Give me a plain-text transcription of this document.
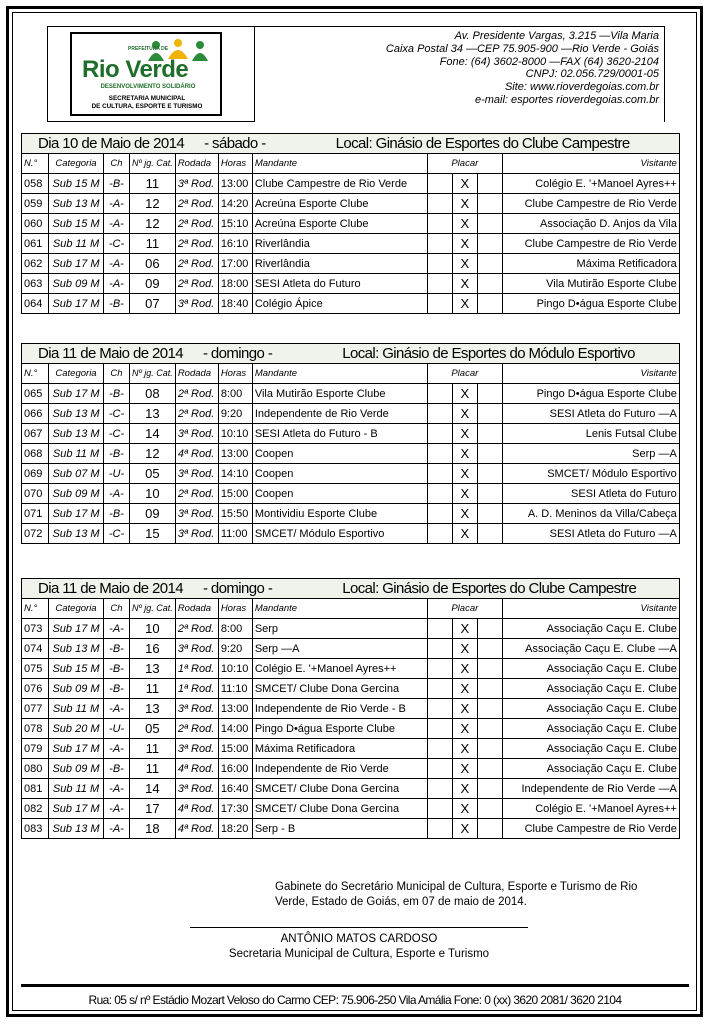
PREFEITURA DE
Rio Verde
DESENVOLVIMENTO SOLIDÁRIO
SECRETARIA MUNICIPAL
DE CULTURA, ESPORTE E TURISMO
Av. Presidente Vargas, 3.215 —Vila Maria
Caixa Postal 34 —CEP 75.905-900 —Rio Verde - Goiás
Fone: (64) 3602-8000 —FAX (64) 3620-2104
CNPJ: 02.056.729/0001-05
Site: www.rioverdegoias.com.br
e-mail: esportes rioverdegoias.com.br
Dia 10 de Maio de 2014 - sábado - Local: Ginásio de Esportes do Clube Campestre										
N.°	Categoria	Ch	Nº jg. Cat.	Rodada	Horas	Mandante	Placar			Visitante
058	Sub 15 M	-B-	11	3ª Rod.	13:00	Clube Campestre de Rio Verde		X		Colégio E. '+Manoel Ayres++
059	Sub 13 M	-A-	12	2ª Rod.	14:20	Acreúna Esporte Clube		X		Clube Campestre de Rio Verde
060	Sub 15 M	-A-	12	2ª Rod.	15:10	Acreúna Esporte Clube		X		Associação D. Anjos da Vila
061	Sub 11 M	-C-	11	2ª Rod.	16:10	Riverlândia		X		Clube Campestre de Rio Verde
062	Sub 17 M	-A-	06	2ª Rod.	17:00	Riverlândia		X		Máxima Retificadora
063	Sub 09 M	-A-	09	2ª Rod.	18:00	SESI Atleta do Futuro		X		Vila Mutirão Esporte Clube
064	Sub 17 M	-B-	07	3ª Rod.	18:40	Colégio Ápice		X		Pingo D•água Esporte Clube
Dia 11 de Maio de 2014 - domingo - Local: Ginásio de Esportes do Módulo Esportivo										
N.°	Categoria	Ch	Nº jg. Cat.	Rodada	Horas	Mandante	Placar			Visitante
065	Sub 17 M	-B-	08	2ª Rod.	8:00	Vila Mutirão Esporte Clube		X		Pingo D•água Esporte Clube
066	Sub 13 M	-C-	13	2ª Rod.	9:20	Independente de Rio Verde		X		SESI Atleta do Futuro —A
067	Sub 13 M	-C-	14	3ª Rod.	10:10	SESI Atleta do Futuro - B		X		Lenis Futsal Clube
068	Sub 11 M	-B-	12	4ª Rod.	13:00	Coopen		X		Serp —A
069	Sub 07 M	-U-	05	3ª Rod.	14:10	Coopen		X		SMCET/ Módulo Esportivo
070	Sub 09 M	-A-	10	2ª Rod.	15:00	Coopen		X		SESI Atleta do Futuro
071	Sub 17 M	-B-	09	3ª Rod.	15:50	Montividiu Esporte Clube		X		A. D. Meninos da Villa/Cabeça
072	Sub 13 M	-C-	15	3ª Rod.	11:00	SMCET/ Módulo Esportivo		X		SESI Atleta do Futuro —A
Dia 11 de Maio de 2014 - domingo - Local: Ginásio de Esportes do Clube Campestre										
N.°	Categoria	Ch	Nº jg. Cat.	Rodada	Horas	Mandante	Placar			Visitante
073	Sub 17 M	-A-	10	2ª Rod.	8:00	Serp		X		Associação Caçu E. Clube
074	Sub 13 M	-B-	16	3ª Rod.	9:20	Serp —A		X		Associação Caçu E. Clube —A
075	Sub 15 M	-B-	13	1ª Rod.	10:10	Colégio E. '+Manoel Ayres++		X		Associação Caçu E. Clube
076	Sub 09 M	-B-	11	1ª Rod.	11:10	SMCET/ Clube Dona Gercina		X		Associação Caçu E. Clube
077	Sub 11 M	-A-	13	3ª Rod.	13:00	Independente de Rio Verde - B		X		Associação Caçu E. Clube
078	Sub 20 M	-U-	05	2ª Rod.	14:00	Pingo D•água Esporte Clube		X		Associação Caçu E. Clube
079	Sub 17 M	-A-	11	3ª Rod.	15:00	Máxima Retificadora		X		Associação Caçu E. Clube
080	Sub 09 M	-B-	11	4ª Rod.	16:00	Independente de Rio Verde		X		Associação Caçu E. Clube
081	Sub 11 M	-A-	14	3ª Rod.	16:40	SMCET/ Clube Dona Gercina		X		Independente de Rio Verde —A
082	Sub 17 M	-A-	17	4ª Rod.	17:30	SMCET/ Clube Dona Gercina		X		Colégio E. '+Manoel Ayres++
083	Sub 13 M	-A-	18	4ª Rod.	18:20	Serp - B		X		Clube Campestre de Rio Verde
Gabinete do Secretário Municipal de Cultura, Esporte e Turismo de Rio
Verde, Estado de Goiás, em 07 de maio de 2014.
ANTÔNIO MATOS CARDOSO
Secretaria Municipal de Cultura, Esporte e Turismo
Rua: 05 s/ nº Estádio Mozart Veloso do Carmo CEP: 75.906-250 Vila Amália Fone: 0 (xx) 3620 2081/ 3620 2104
